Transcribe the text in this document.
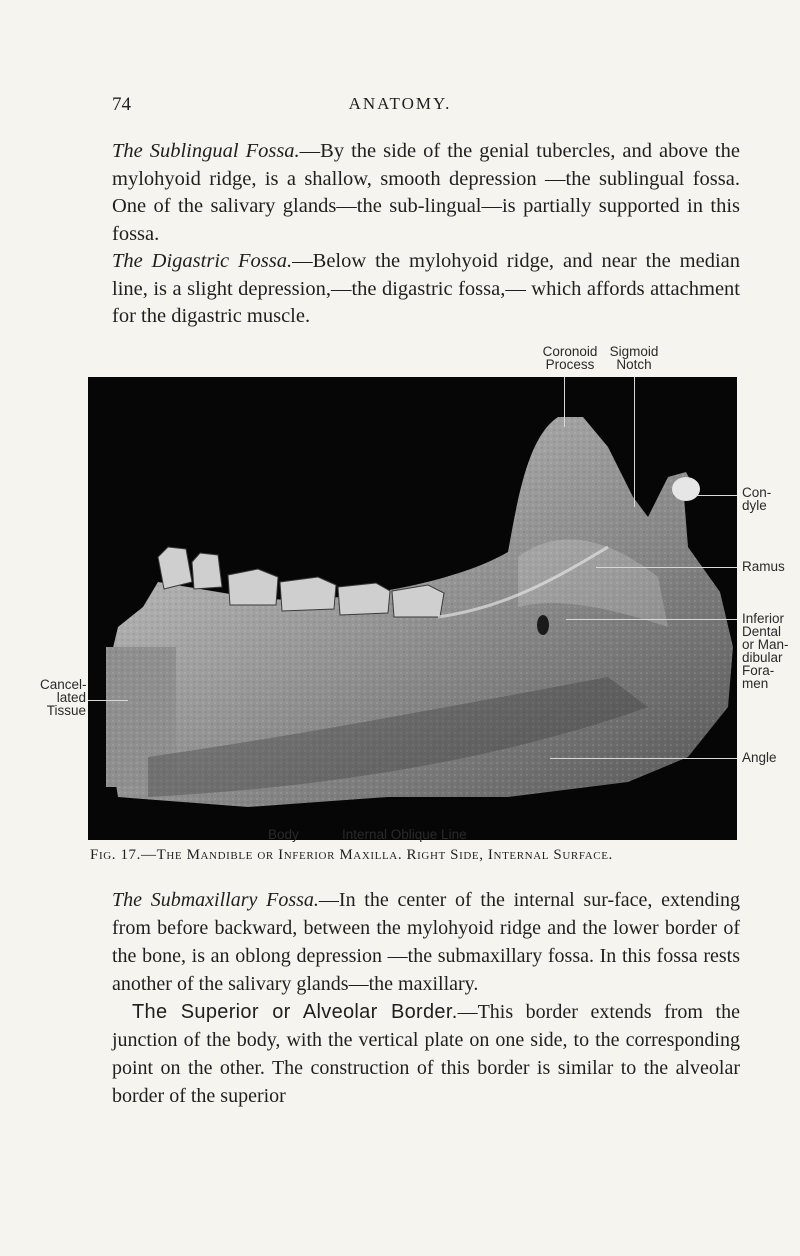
74	ANATOMY.

The Sublingual Fossa.—By the side of the genial tubercles, and above the mylohyoid ridge, is a shallow, smooth depression —the sublingual fossa. One of the salivary glands—the sub-lingual—is partially supported in this fossa.

The Digastric Fossa.—Below the mylohyoid ridge, and near the median line, is a slight depression,—the digastric fossa,— which affords attachment for the digastric muscle.

Coronoid
Process
Sigmoid
Notch
Con-
dyle
Ramus
Inferior
Dental
or Man-
dibular
Fora-
men
Angle
Cancel-
lated
Tissue
Body	Internal Oblique Line
Fig. 17.—The Mandible or Inferior Maxilla. Right Side, Internal Surface.

The Submaxillary Fossa.—In the center of the internal sur-face, extending from before backward, between the mylohyoid ridge and the lower border of the bone, is an oblong depression —the submaxillary fossa. In this fossa rests another of the salivary glands—the maxillary.

The Superior or Alveolar Border.—This border extends from the junction of the body, with the vertical plate on one side, to the corresponding point on the other. The construction of this border is similar to the alveolar border of the superior
